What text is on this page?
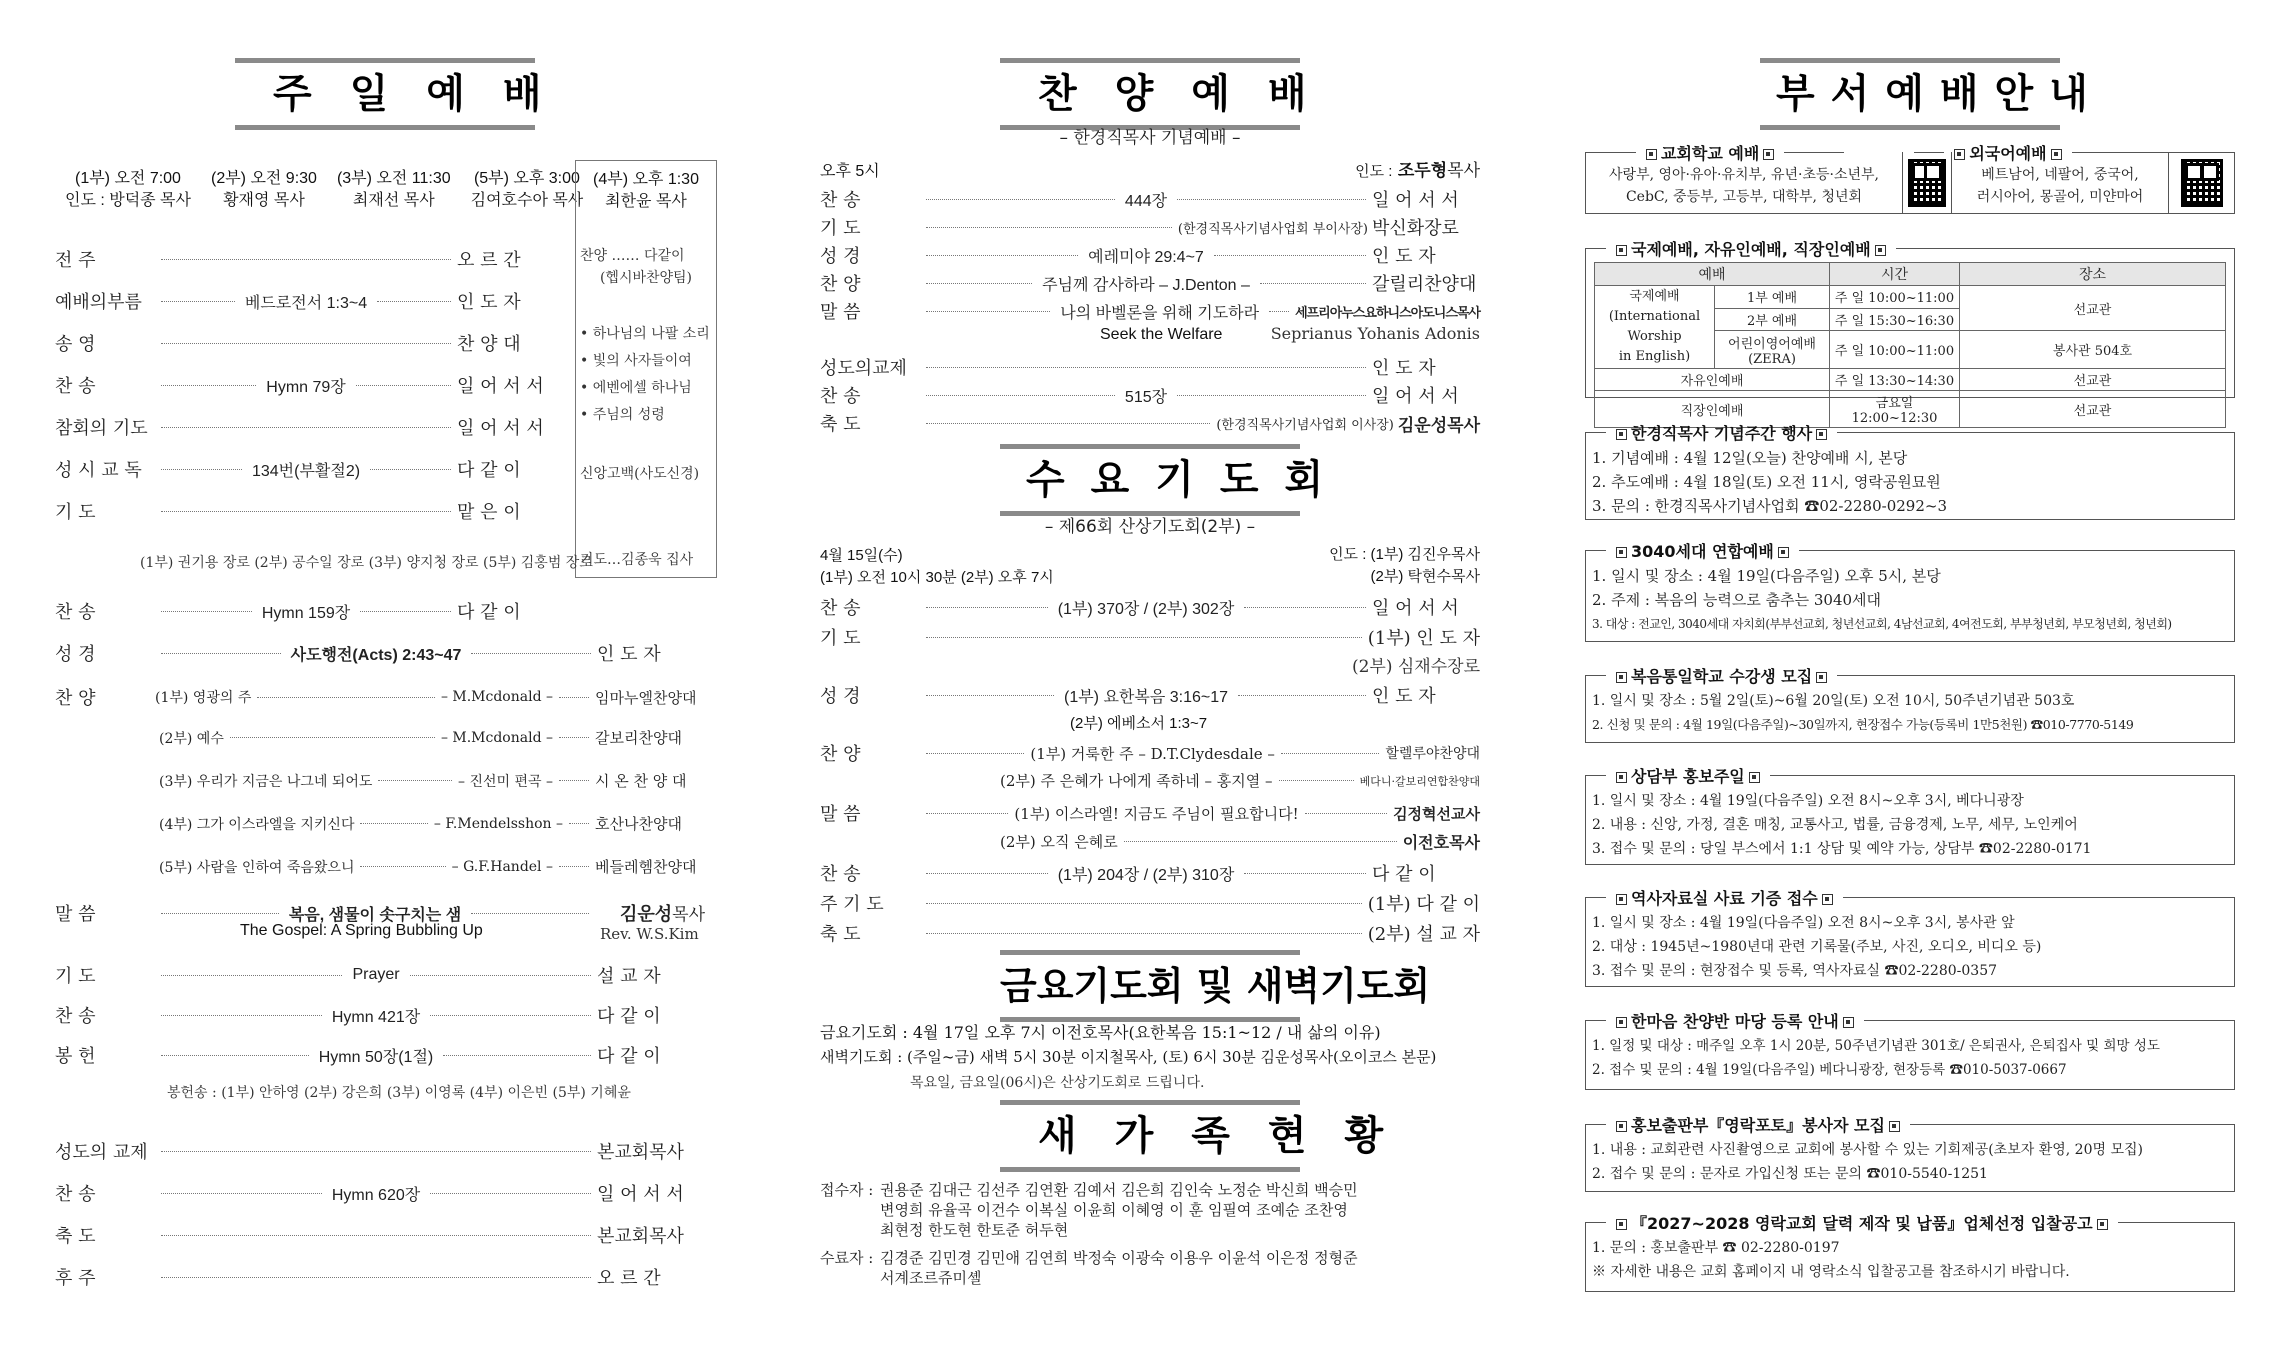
주일예배
(1부) 오전 7:00
인도 : 방덕종 목사
(2부) 오전 9:30
황재영 목사
(3부) 오전 11:30
최재선 목사
(5부) 오후 3:00
김여호수아 목사
(4부) 오후 1:30
최한윤 목사
찬양 …… 다같이
(헵시바찬양팀)
• 하나님의 나팔 소리
• 빛의 사자들이여
• 에벤에셀 하나님
• 주님의 성령
신앙고백(사도신경)
기도…김종욱 집사
전 주	오 르 간
예배의부름	베드로전서 1:3~4	인 도 자
송 영	찬 양 대
찬 송	Hymn 79장	일 어 서 서
참회의 기도	일 어 서 서
성 시 교 독	134번(부활절2)	다 같 이
기 도	맡 은 이
(1부) 권기용 장로 (2부) 공수일 장로 (3부) 양지청 장로 (5부) 김홍범 장로
찬 송	Hymn 159장	다 같 이
성 경	사도행전(Acts) 2:43~47	인 도 자
찬 양	(1부) 영광의 주	– M.Mcdonald –	임마누엘찬양대
(2부) 예수	– M.Mcdonald –	갈보리찬양대
(3부) 우리가 지금은 나그네 되어도	– 진선미 편곡 –	시 온 찬 양 대
(4부) 그가 이스라엘을 지키신다	– F.Mendelsshon – 호산나찬양대
(5부) 사람을 인하여 죽음왔으니	– G.F.Handel –	베들레헴찬양대
말 씀	복음, 샘물이 솟구치는 샘	김운성목사
The Gospel: A Spring Bubbling Up	Rev. W.S.Kim
기 도	Prayer	설 교 자
찬 송	Hymn 421장	다 같 이
봉 헌	Hymn 50장(1절)	다 같 이
봉헌송 : (1부) 안하영 (2부) 강은희 (3부) 이영록 (4부) 이은빈 (5부) 기혜윤
성도의 교제	본교회목사
찬 송	Hymn 620장	일 어 서 서
축 도	본교회목사
후 주	오 르 간
찬양예배
– 한경직목사 기념예배 –
오후 5시	인도 : 조두형목사
찬 송	444장	일 어 서 서
기 도	(한경직목사기념사업회 부이사장) 박신화장로
성 경	예레미야 29:4~7	인 도 자
찬 양	주님께 감사하라 – J.Denton –	갈릴리찬양대
말 씀	나의 바벨론을 위해 기도하라	세프리아누스요하니스아도니스목사
Seek the Welfare	Seprianus Yohanis Adonis
성도의교제	인 도 자
찬 송	515장	일 어 서 서
축 도	(한경직목사기념사업회 이사장) 김운성목사
수요기도회
– 제66회 산상기도회(2부) –
4월 15일(수)
(1부) 오전 10시 30분 (2부) 오후 7시
인도 : (1부) 김진우목사
(2부) 탁현수목사
찬 송	(1부) 370장 / (2부) 302장	일 어 서 서
기 도	(1부) 인 도 자
(2부) 심재수장로
성 경	(1부) 요한복음 3:16~17	인 도 자
(2부) 에베소서 1:3~7
찬 양	(1부) 거룩한 주 – D.T.Clydesdale –	할렐루야찬양대
(2부) 주 은혜가 나에게 족하네 – 홍지열 –	베다니·갈보리연합찬양대
말 씀	(1부) 이스라엘! 지금도 주님이 필요합니다!	김정혁선교사
(2부) 오직 은혜로	이전호목사
찬 송	(1부) 204장 / (2부) 310장	다 같 이
주 기 도	(1부) 다 같 이
축 도	(2부) 설 교 자
금요기도회 및 새벽기도회
금요기도회 : 4월 17일 오후 7시 이전호목사(요한복음 15:1~12 / 내 삶의 이유)
새벽기도회 : (주일~금) 새벽 5시 30분 이지철목사, (토) 6시 30분 김운성목사(오이코스 본문)
목요일, 금요일(06시)은 산상기도회로 드립니다.
새가족현황
접수자 : 권용준 김대근 김선주 김연환 김예서 김은희 김인숙 노정순 박신희 백승민
변영희 유율곡 이건수 이복실 이윤희 이혜영 이 훈 임필여 조예순 조찬영
최현정 한도현 한토준 허두현
수료자 : 김경준 김민경 김민애 김연희 박정숙 이광숙 이용우 이윤석 이은정 정형준
서계조르쥬미셸
부서예배안내
교회학교 예배	외국어예배
사랑부, 영아·유아·유치부, 유년·초등·소년부,
CebC, 중등부, 고등부, 대학부, 청년회
베트남어, 네팔어, 중국어,
러시아어, 몽골어, 미얀마어
국제예배, 자유인예배, 직장인예배
예배		시간	장소

국제예배
(International Worship
in English)	1부 예배	주 일 10:00~11:00	선교관
	2부 예배	주 일 15:30~16:30	
	어린이영어예배(ZERA)	주 일 10:00~11:00	봉사관 504호
자유인예배		주 일 13:30~14:30	선교관
직장인예배		금요일 12:00~12:30	선교관
한경직목사 기념주간 행사
1. 기념예배 : 4월 12일(오늘) 찬양예배 시, 본당
2. 추도예배 : 4월 18일(토) 오전 11시, 영락공원묘원
3. 문의 : 한경직목사기념사업회 ☎02-2280-0292~3
3040세대 연합예배
1. 일시 및 장소 : 4월 19일(다음주일) 오후 5시, 본당
2. 주제 : 복음의 능력으로 춤추는 3040세대
3. 대상 : 전교인, 3040세대 자치회(부부선교회, 청년선교회, 4남선교회, 4여전도회, 부부청년회, 부모청년회, 청년회)
복음통일학교 수강생 모집
1. 일시 및 장소 : 5월 2일(토)~6월 20일(토) 오전 10시, 50주년기념관 503호
2. 신청 및 문의 : 4월 19일(다음주일)~30일까지, 현장접수 가능(등록비 1만5천원) ☎010-7770-5149
상담부 홍보주일
1. 일시 및 장소 : 4월 19일(다음주일) 오전 8시~오후 3시, 베다니광장
2. 내용 : 신앙, 가정, 결혼 매칭, 교통사고, 법률, 금융경제, 노무, 세무, 노인케어
3. 접수 및 문의 : 당일 부스에서 1:1 상담 및 예약 가능, 상담부 ☎02-2280-0171
역사자료실 사료 기증 접수
1. 일시 및 장소 : 4월 19일(다음주일) 오전 8시~오후 3시, 봉사관 앞
2. 대상 : 1945년~1980년대 관련 기록물(주보, 사진, 오디오, 비디오 등)
3. 접수 및 문의 : 현장접수 및 등록, 역사자료실 ☎02-2280-0357
한마음 찬양반 마당 등록 안내
1. 일정 및 대상 : 매주일 오후 1시 20분, 50주년기념관 301호/ 은퇴권사, 은퇴집사 및 희망 성도
2. 접수 및 문의 : 4월 19일(다음주일) 베다니광장, 현장등록 ☎010-5037-0667
홍보출판부『영락포토』봉사자 모집
1. 내용 : 교회관련 사진촬영으로 교회에 봉사할 수 있는 기회제공(초보자 환영, 20명 모집)
2. 접수 및 문의 : 문자로 가입신청 또는 문의 ☎010-5540-1251
『2027~2028 영락교회 달력 제작 및 납품』업체선정 입찰공고
1. 문의 : 홍보출판부 ☎ 02-2280-0197
※ 자세한 내용은 교회 홈페이지 내 영락소식 입찰공고를 참조하시기 바랍니다.
